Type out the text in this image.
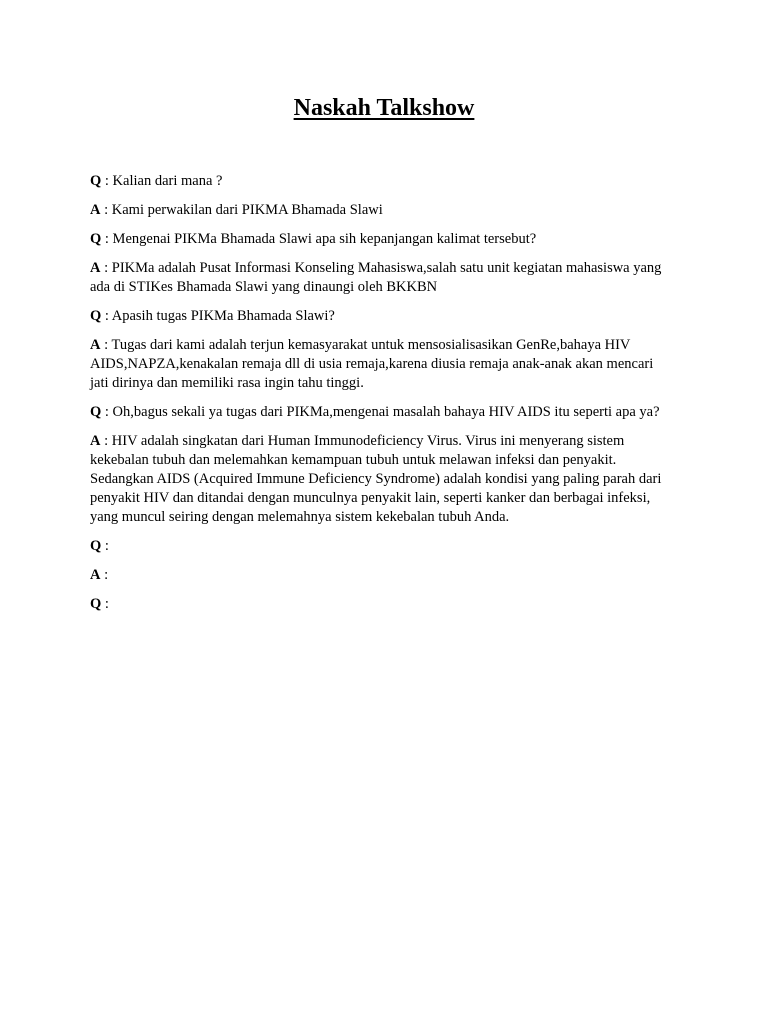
Naskah Talkshow

Q : Kalian dari mana ?

A : Kami perwakilan dari PIKMA Bhamada Slawi

Q : Mengenai PIKMa Bhamada Slawi apa sih kepanjangan kalimat tersebut?

A : PIKMa adalah Pusat Informasi Konseling Mahasiswa,salah satu unit kegiatan mahasiswa yang ada di STIKes Bhamada Slawi yang dinaungi oleh BKKBN

Q : Apasih tugas PIKMa Bhamada Slawi?

A : Tugas dari kami adalah terjun kemasyarakat untuk mensosialisasikan GenRe,bahaya HIV AIDS,NAPZA,kenakalan remaja dll di usia remaja,karena diusia remaja anak-anak akan mencari jati dirinya dan memiliki rasa ingin tahu tinggi.

Q : Oh,bagus sekali ya tugas dari PIKMa,mengenai masalah bahaya HIV AIDS itu seperti apa ya?

A : HIV adalah singkatan dari Human Immunodeficiency Virus. Virus ini menyerang sistem kekebalan tubuh dan melemahkan kemampuan tubuh untuk melawan infeksi dan penyakit. Sedangkan AIDS (Acquired Immune Deficiency Syndrome) adalah kondisi yang paling parah dari penyakit HIV dan ditandai dengan munculnya penyakit lain, seperti kanker dan berbagai infeksi, yang muncul seiring dengan melemahnya sistem kekebalan tubuh Anda.

Q :

A :

Q :
